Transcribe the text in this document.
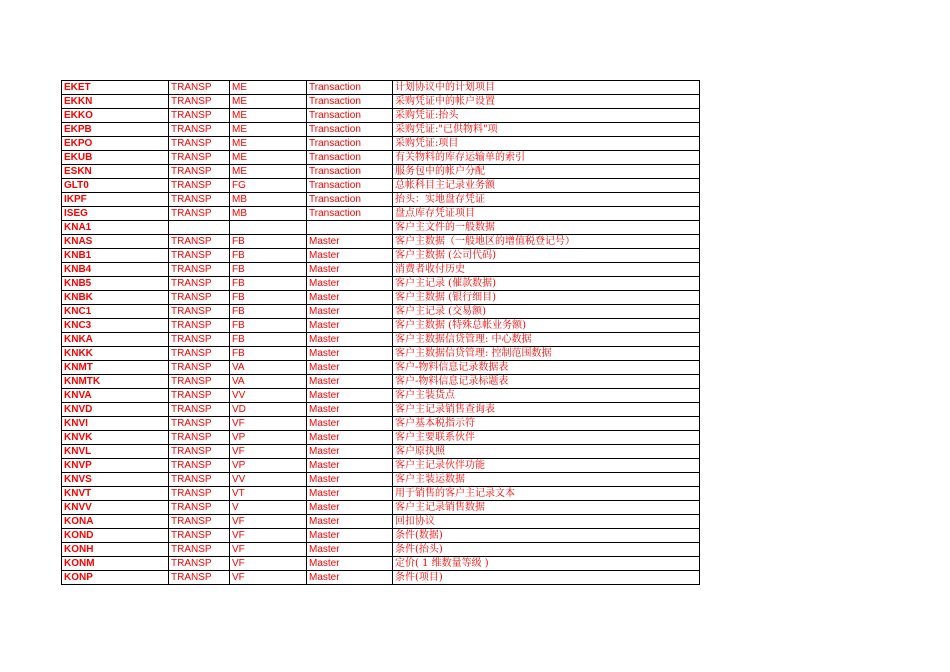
EKET	TRANSP	ME	Transaction	计划协议中的计划项目
EKKN	TRANSP	ME	Transaction	采购凭证中的帐户设置
EKKO	TRANSP	ME	Transaction	采购凭证:抬头
EKPB	TRANSP	ME	Transaction	采购凭证:"已供物料"项
EKPO	TRANSP	ME	Transaction	采购凭证:项目
EKUB	TRANSP	ME	Transaction	有关物料的库存运输单的索引
ESKN	TRANSP	ME	Transaction	服务包中的帐户分配
GLT0	TRANSP	FG	Transaction	总帐科目主记录业务额
IKPF	TRANSP	MB	Transaction	抬头：实地盘存凭证
ISEG	TRANSP	MB	Transaction	盘点库存凭证项目
KNA1				客户主文件的一般数据
KNAS	TRANSP	FB	Master	客户主数据（一般地区的增值税登记号）
KNB1	TRANSP	FB	Master	客户主数据 (公司代码)
KNB4	TRANSP	FB	Master	消费者收付历史
KNB5	TRANSP	FB	Master	客户主记录 (催款数据)
KNBK	TRANSP	FB	Master	客户主数据 (银行细目)
KNC1	TRANSP	FB	Master	客户主记录 (交易额)
KNC3	TRANSP	FB	Master	客户主数据 (特殊总帐业务额)
KNKA	TRANSP	FB	Master	客户主数据信贷管理: 中心数据
KNKK	TRANSP	FB	Master	客户主数据信贷管理: 控制范围数据
KNMT	TRANSP	VA	Master	客户-物料信息记录数据表
KNMTK	TRANSP	VA	Master	客户-物料信息记录标题表
KNVA	TRANSP	VV	Master	客户主装货点
KNVD	TRANSP	VD	Master	客户主记录销售查询表
KNVI	TRANSP	VF	Master	客户基本税指示符
KNVK	TRANSP	VP	Master	客户主要联系伙伴
KNVL	TRANSP	VF	Master	客户原执照
KNVP	TRANSP	VP	Master	客户主记录伙伴功能
KNVS	TRANSP	VV	Master	客户主装运数据
KNVT	TRANSP	VT	Master	用于销售的客户主记录文本
KNVV	TRANSP	V	Master	客户主记录销售数据
KONA	TRANSP	VF	Master	回扣协议
KOND	TRANSP	VF	Master	条件(数据)
KONH	TRANSP	VF	Master	条件(抬头)
KONM	TRANSP	VF	Master	定价( 1 维数量等级 )
KONP	TRANSP	VF	Master	条件(项目)
